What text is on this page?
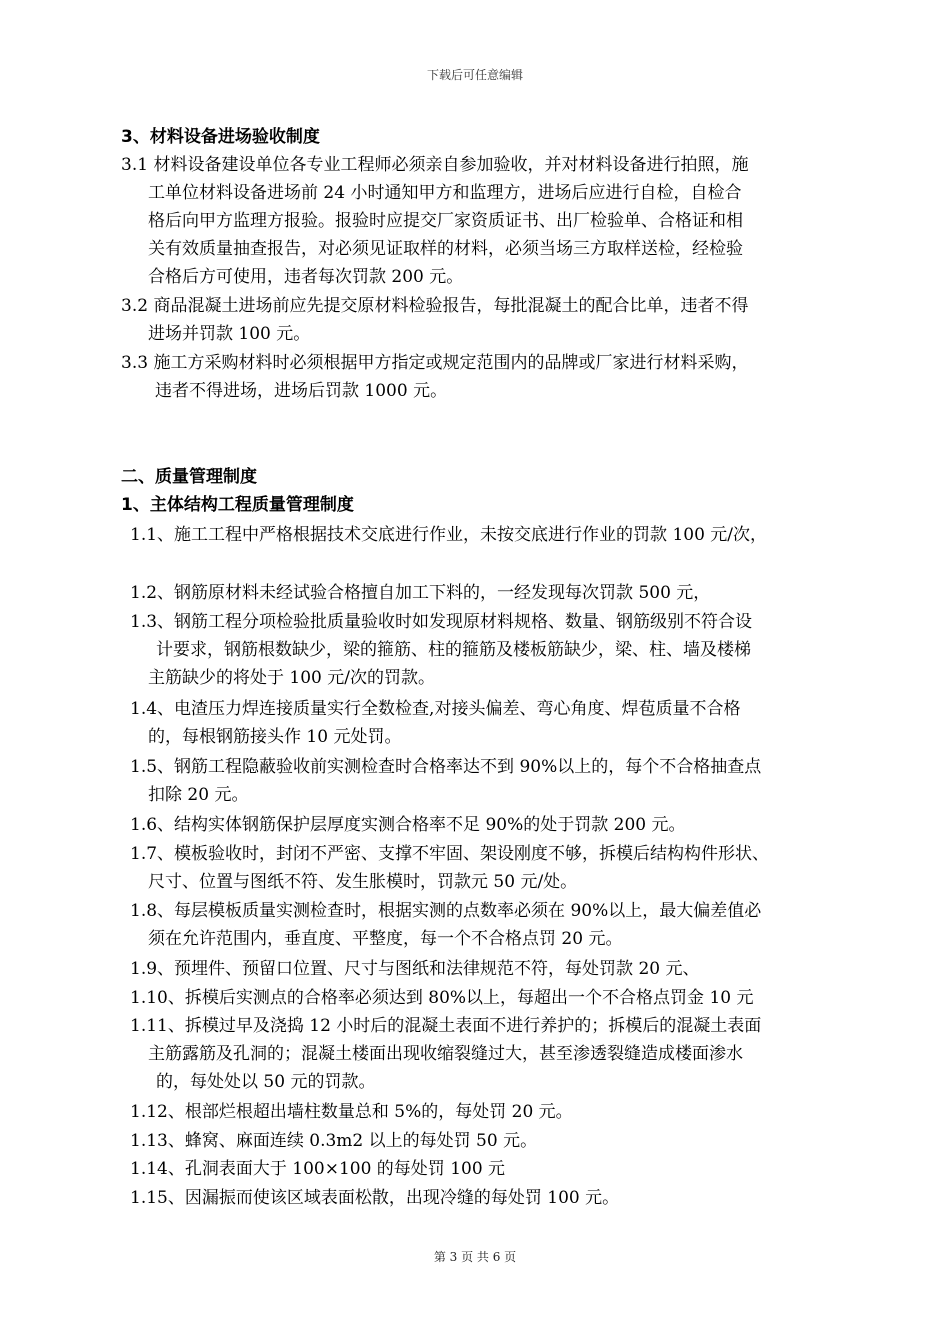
下载后可任意编辑
3、材料设备进场验收制度
3.1 材料设备建设单位各专业工程师必须亲自参加验收，并对材料设备进行拍照，施
工单位材料设备进场前 24 小时通知甲方和监理方，进场后应进行自检，自检合
格后向甲方监理方报验。报验时应提交厂家资质证书、出厂检验单、合格证和相
关有效质量抽查报告，对必须见证取样的材料，必须当场三方取样送检，经检验
合格后方可使用，违者每次罚款 200 元。
3.2 商品混凝土进场前应先提交原材料检验报告，每批混凝土的配合比单，违者不得
进场并罚款 100 元。
3.3 施工方采购材料时必须根据甲方指定或规定范围内的品牌或厂家进行材料采购，
违者不得进场，进场后罚款 1000 元。
二、质量管理制度
1、主体结构工程质量管理制度
1.1、施工工程中严格根据技术交底进行作业，未按交底进行作业的罚款 100 元/次，
1.2、钢筋原材料未经试验合格擅自加工下料的，一经发现每次罚款 500 元，
1.3、钢筋工程分项检验批质量验收时如发现原材料规格、数量、钢筋级别不符合设
计要求，钢筋根数缺少，梁的箍筋、柱的箍筋及楼板筋缺少，梁、柱、墙及楼梯
主筋缺少的将处于 100 元/次的罚款。
1.4、电渣压力焊连接质量实行全数检查,对接头偏差、弯心角度、焊苞质量不合格
的，每根钢筋接头作 10 元处罚。
1.5、钢筋工程隐蔽验收前实测检查时合格率达不到 90%以上的，每个不合格抽查点
扣除 20 元。
1.6、结构实体钢筋保护层厚度实测合格率不足 90%的处于罚款 200 元。
1.7、模板验收时，封闭不严密、支撑不牢固、架设刚度不够，拆模后结构构件形状、
尺寸、位置与图纸不符、发生胀模时，罚款元 50 元/处。
1.8、每层模板质量实测检查时，根据实测的点数率必须在 90%以上，最大偏差值必
须在允许范围内，垂直度、平整度，每一个不合格点罚 20 元。
1.9、预埋件、预留口位置、尺寸与图纸和法律规范不符，每处罚款 20 元、
1.10、拆模后实测点的合格率必须达到 80%以上，每超出一个不合格点罚金 10 元
1.11、拆模过早及浇捣 12 小时后的混凝土表面不进行养护的；拆模后的混凝土表面
主筋露筋及孔洞的；混凝土楼面出现收缩裂缝过大，甚至渗透裂缝造成楼面渗水
的，每处处以 50 元的罚款。
1.12、根部烂根超出墙柱数量总和 5%的，每处罚 20 元。
1.13、蜂窝、麻面连续 0.3m2 以上的每处罚 50 元。
1.14、孔洞表面大于 100×100 的每处罚 100 元
1.15、因漏振而使该区域表面松散，出现冷缝的每处罚 100 元。
第 3 页 共 6 页
